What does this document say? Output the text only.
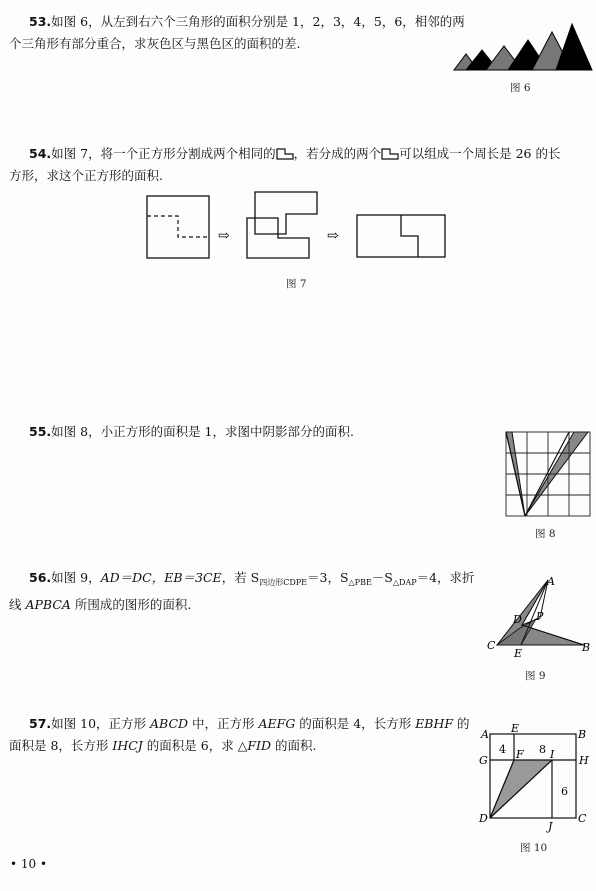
53.如图 6，从左到右六个三角形的面积分别是 1，2，3，4，5，6，相邻的两
个三角形有部分重合，求灰色区与黑色区的面积的差.
图 6
54.如图 7，将一个正方形分割成两个相同的 ，若分成的两个 可以组成一个周长是 26 的长
方形，求这个正方形的面积.
⇨	⇨
图 7
55.如图 8，小正方形的面积是 1，求图中阴影部分的面积.
图 8
56.如图 9，AD＝DC，EB＝3CE，若 $S_{四边形CDPE}=3$，$S_{\triangle PBE}-S_{\triangle DAP}=4$，求折
线 APBCA 所围成的图形的面积.
A
D P
C
E	B
图 9
57.如图 10，正方形 ABCD 中，正方形 AEFG 的面积是 4，长方形 EBHF 的
面积是 8，长方形 IHCJ 的面积是 6，求 △FID 的面积.
A E	B
G	F I H
D
J
C
4	8
6
图 10
• 10 •
